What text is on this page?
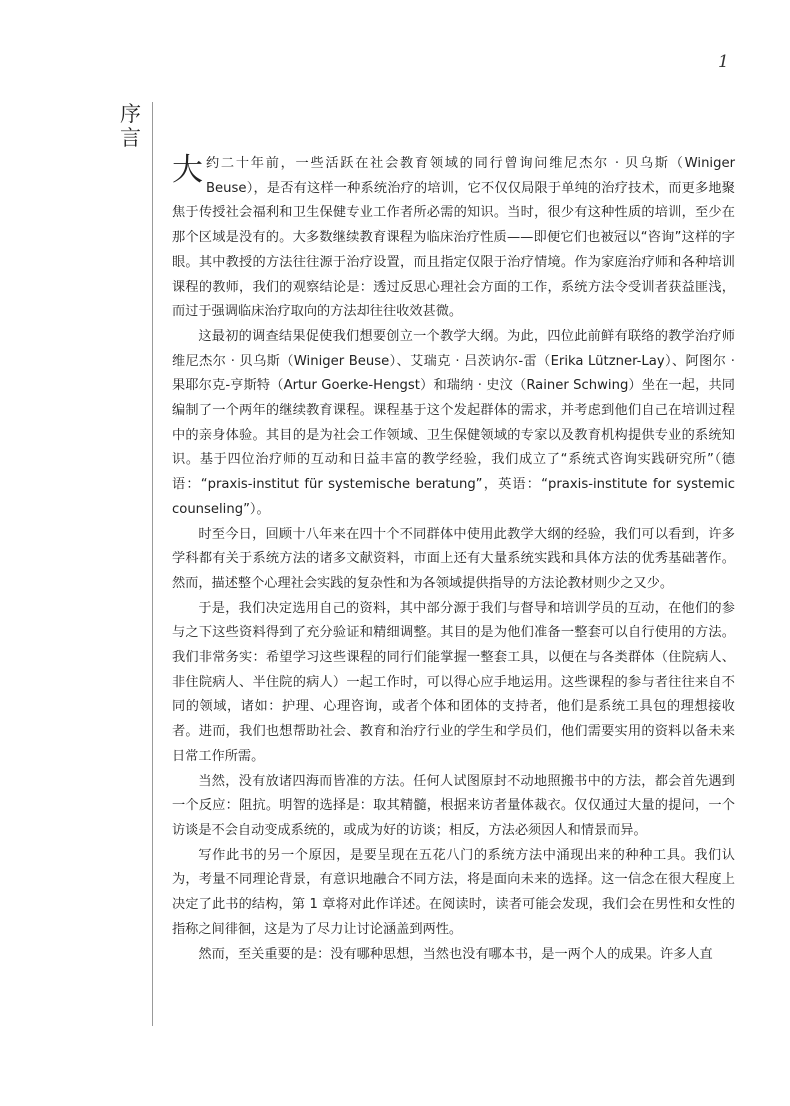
1
序
言

大约二十年前，一些活跃在社会教育领域的同行曾询问维尼杰尔 · 贝乌斯（Winiger Beuse），是否有这样一种系统治疗的培训，它不仅仅局限于单纯的治疗技术，而更多地聚焦于传授社会福利和卫生保健专业工作者所必需的知识。当时，很少有这种性质的培训，至少在那个区域是没有的。大多数继续教育课程为临床治疗性质——即便它们也被冠以“咨询”这样的字眼。其中教授的方法往往源于治疗设置，而且指定仅限于治疗情境。作为家庭治疗师和各种培训课程的教师，我们的观察结论是：透过反思心理社会方面的工作，系统方法令受训者获益匪浅，而过于强调临床治疗取向的方法却往往收效甚微。

这最初的调查结果促使我们想要创立一个教学大纲。为此，四位此前鲜有联络的教学治疗师维尼杰尔 · 贝乌斯（Winiger Beuse）、艾瑞克 · 吕茨讷尔-雷（Erika Lützner-Lay）、阿图尔 · 果耶尔克-亨斯特（Artur Goerke-Hengst）和瑞纳 · 史汶（Rainer Schwing）坐在一起，共同编制了一个两年的继续教育课程。课程基于这个发起群体的需求，并考虑到他们自己在培训过程中的亲身体验。其目的是为社会工作领域、卫生保健领域的专家以及教育机构提供专业的系统知识。基于四位治疗师的互动和日益丰富的教学经验，我们成立了“系统式咨询实践研究所”（德语：“praxis-institut für systemische beratung”，英语：“praxis-institute for systemic counseling”）。

时至今日，回顾十八年来在四十个不同群体中使用此教学大纲的经验，我们可以看到，许多学科都有关于系统方法的诸多文献资料，市面上还有大量系统实践和具体方法的优秀基础著作。然而，描述整个心理社会实践的复杂性和为各领域提供指导的方法论教材则少之又少。

于是，我们决定选用自己的资料，其中部分源于我们与督导和培训学员的互动，在他们的参与之下这些资料得到了充分验证和精细调整。其目的是为他们准备一整套可以自行使用的方法。我们非常务实：希望学习这些课程的同行们能掌握一整套工具，以便在与各类群体（住院病人、非住院病人、半住院的病人）一起工作时，可以得心应手地运用。这些课程的参与者往往来自不同的领域，诸如：护理、心理咨询，或者个体和团体的支持者，他们是系统工具包的理想接收者。进而，我们也想帮助社会、教育和治疗行业的学生和学员们，他们需要实用的资料以备未来日常工作所需。

当然，没有放诸四海而皆准的方法。任何人试图原封不动地照搬书中的方法，都会首先遇到一个反应：阻抗。明智的选择是：取其精髓，根据来访者量体裁衣。仅仅通过大量的提问，一个访谈是不会自动变成系统的，或成为好的访谈；相反，方法必须因人和情景而异。

写作此书的另一个原因，是要呈现在五花八门的系统方法中涌现出来的种种工具。我们认为，考量不同理论背景，有意识地融合不同方法，将是面向未来的选择。这一信念在很大程度上决定了此书的结构，第 1 章将对此作详述。在阅读时，读者可能会发现，我们会在男性和女性的指称之间徘徊，这是为了尽力让讨论涵盖到两性。

然而，至关重要的是：没有哪种思想，当然也没有哪本书，是一两个人的成果。许多人直
